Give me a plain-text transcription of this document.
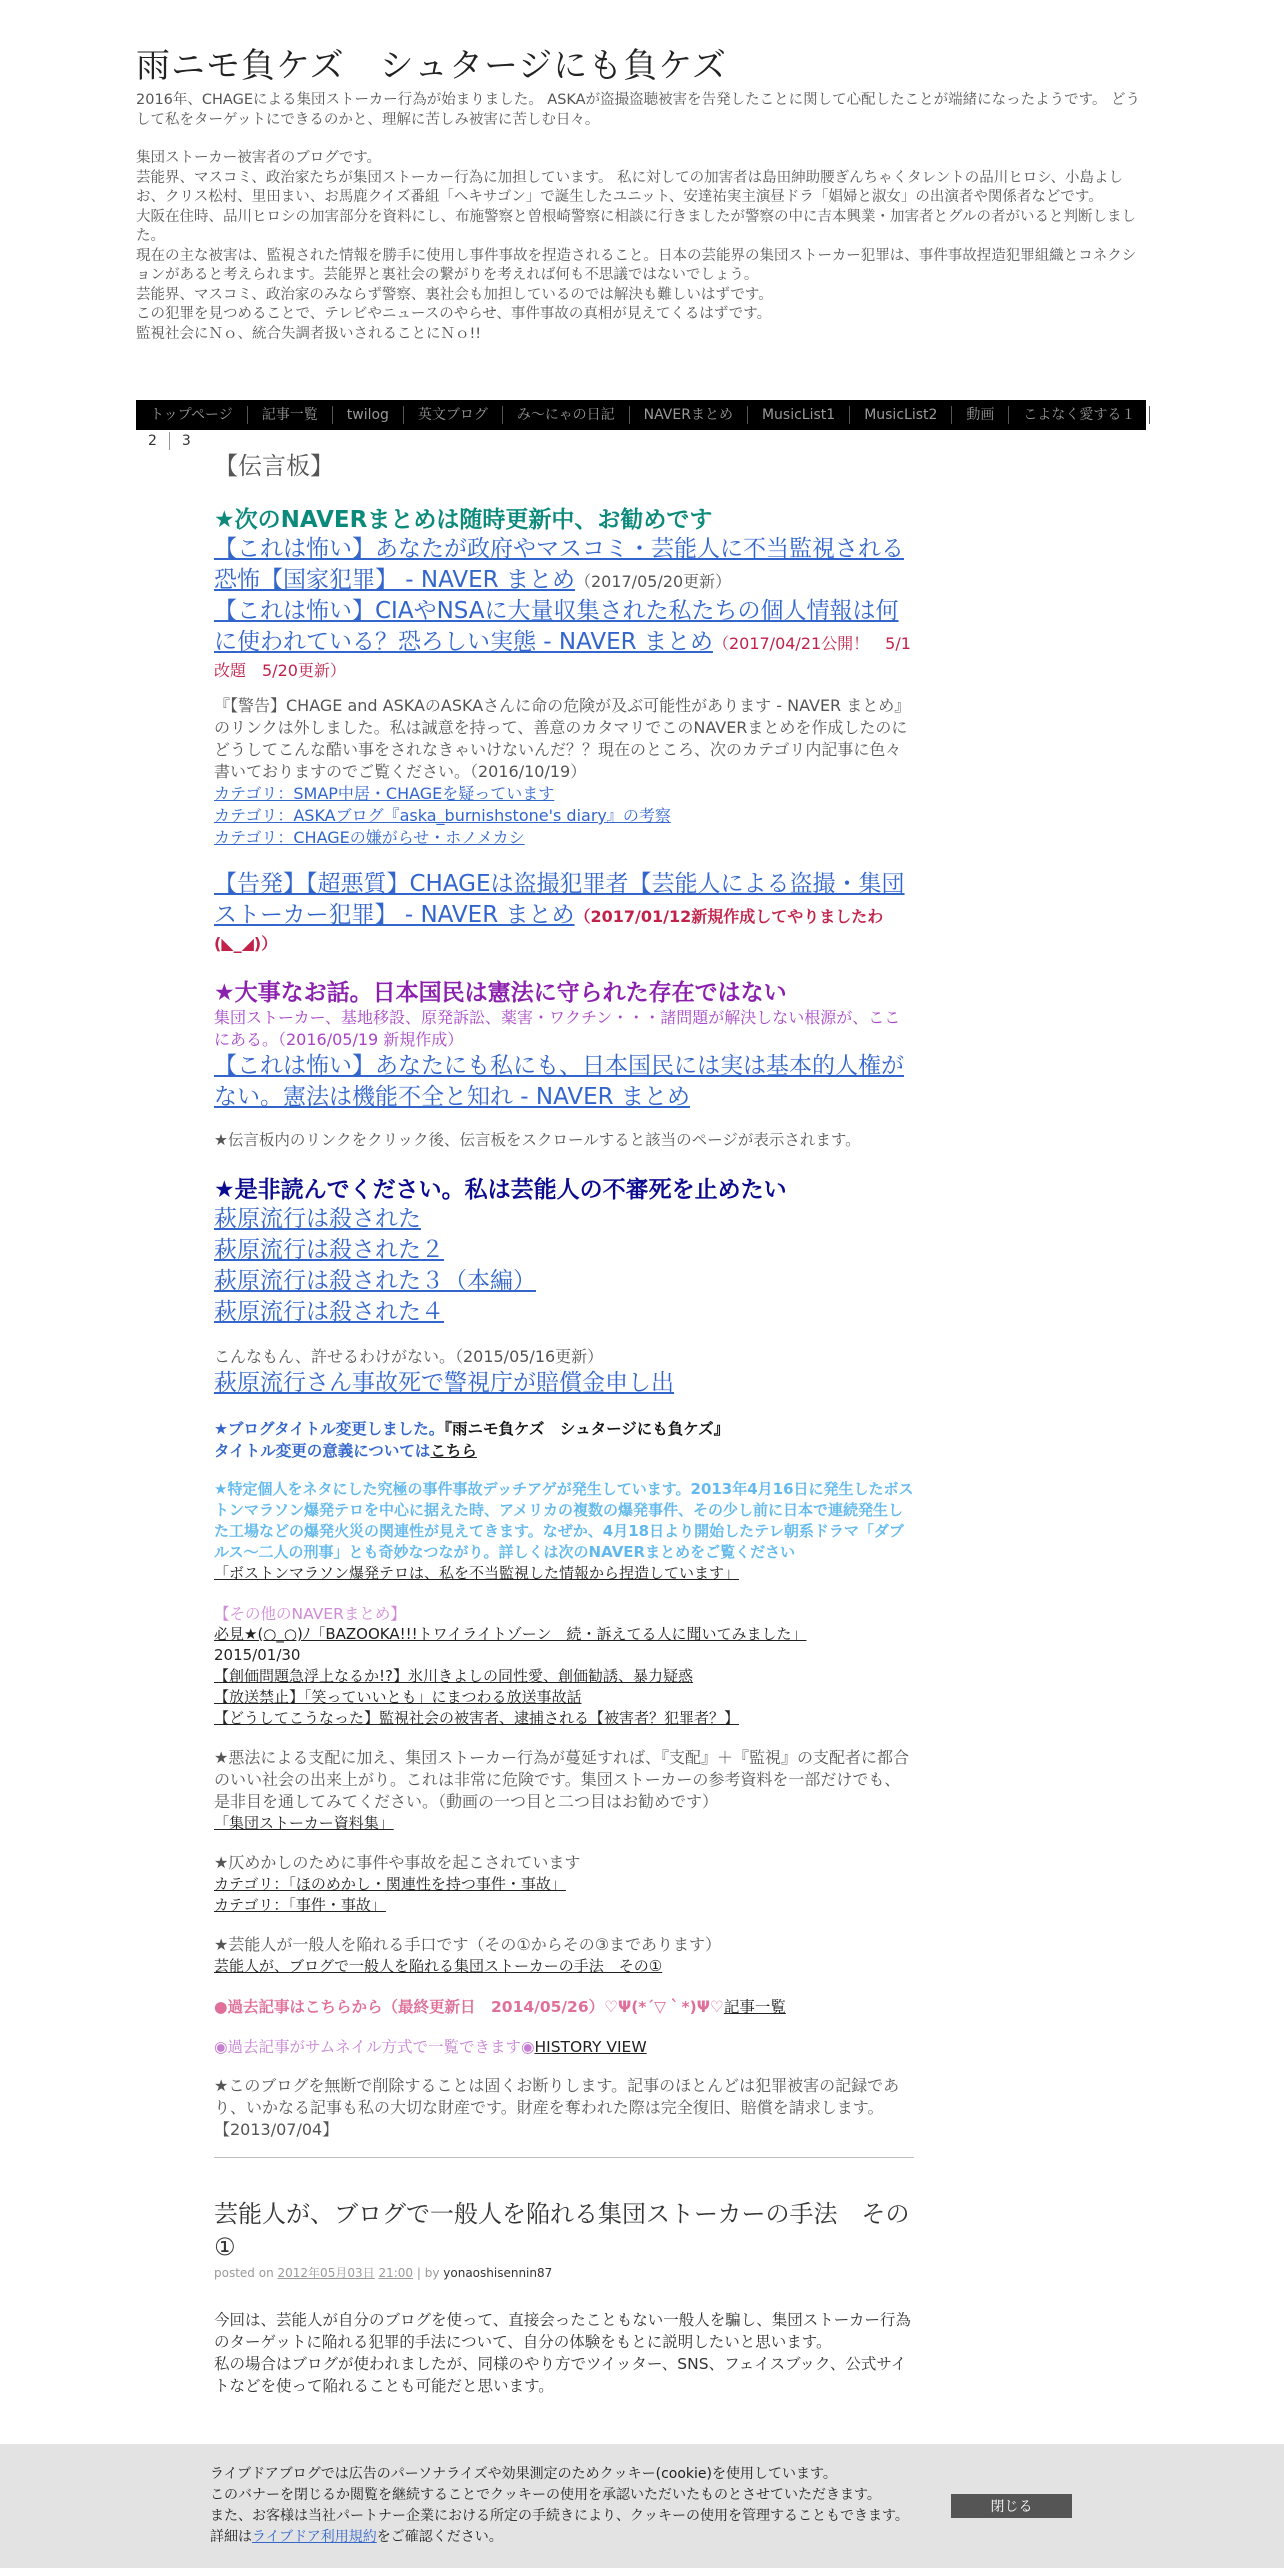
雨ニモ負ケズ　シュタージにも負ケズ

2016年、CHAGEによる集団ストーカー行為が始まりました。 ASKAが盗撮盗聴被害を告発したことに関して心配したことが端緒になったようです。 どうして私をターゲットにできるのかと、理解に苦しみ被害に苦しむ日々。

集団ストーカー被害者のブログです。

芸能界、マスコミ、政治家たちが集団ストーカー行為に加担しています。 私に対しての加害者は島田紳助腰ぎんちゃくタレントの品川ヒロシ、小島よしお、クリス松村、里田まい、お馬鹿クイズ番組「ヘキサゴン」で誕生したユニット、安達祐実主演昼ドラ「娼婦と淑女」の出演者や関係者などです。

大阪在住時、品川ヒロシの加害部分を資料にし、布施警察と曽根崎警察に相談に行きましたが警察の中に吉本興業・加害者とグルの者がいると判断しました。

現在の主な被害は、監視された情報を勝手に使用し事件事故を捏造されること。日本の芸能界の集団ストーカー犯罪は、事件事故捏造犯罪組織とコネクションがあると考えられます。芸能界と裏社会の繋がりを考えれば何も不思議ではないでしょう。

芸能界、マスコミ、政治家のみならず警察、裏社会も加担しているのでは解決も難しいはずです。

この犯罪を見つめることで、テレビやニュースのやらせ、事件事故の真相が見えてくるはずです。

監視社会にＮｏ、統合失調者扱いされることにＮｏ!!

トップページ	記事一覧	twilog	英文ブログ	み～にゃの日記	NAVERまとめ	MusicList1	MusicList2	動画	こよなく愛する１
2	3
【伝言板】
★次のNAVERまとめは随時更新中、お勧めです
【これは怖い】あなたが政府やマスコミ・芸能人に不当監視される恐怖【国家犯罪】 - NAVER まとめ（2017/05/20更新）
【これは怖い】CIAやNSAに大量収集された私たちの個人情報は何に使われている？恐ろしい実態 - NAVER まとめ（2017/04/21公開！　5/1改題　5/20更新）
『【警告】CHAGE and ASKAのASKAさんに命の危険が及ぶ可能性があります - NAVER まとめ』のリンクは外しました。私は誠意を持って、善意のカタマリでこのNAVERまとめを作成したのにどうしてこんな酷い事をされなきゃいけないんだ？？現在のところ、次のカテゴリ内記事に色々書いておりますのでご覧ください。（2016/10/19）
カテゴリ：SMAP中居・CHAGEを疑っています
カテゴリ：ASKAブログ『aska_burnishstone's diary』の考察
カテゴリ：CHAGEの嫌がらせ・ホノメカシ
【告発】【超悪質】CHAGEは盗撮犯罪者【芸能人による盗撮・集団ストーカー犯罪】 - NAVER まとめ（2017/01/12新規作成してやりましたわ(◣_◢)）
★大事なお話。日本国民は憲法に守られた存在ではない
集団ストーカー、基地移設、原発訴訟、薬害・ワクチン・・・諸問題が解決しない根源が、ここにある。（2016/05/19 新規作成）
【これは怖い】あなたにも私にも、日本国民には実は基本的人権がない。憲法は機能不全と知れ - NAVER まとめ
★伝言板内のリンクをクリック後、伝言板をスクロールすると該当のページが表示されます。
★是非読んでください。私は芸能人の不審死を止めたい
萩原流行は殺された
萩原流行は殺された２
萩原流行は殺された３（本編）
萩原流行は殺された４
こんなもん、許せるわけがない。（2015/05/16更新）
萩原流行さん事故死で警視庁が賠償金申し出
★ブログタイトル変更しました。『雨ニモ負ケズ　シュタージにも負ケズ』
タイトル変更の意義についてはこちら
★特定個人をネタにした究極の事件事故デッチアゲが発生しています。2013年4月16日に発生したボストンマラソン爆発テロを中心に据えた時、アメリカの複数の爆発事件、その少し前に日本で連続発生した工場などの爆発火災の関連性が見えてきます。なぜか、4月18日より開始したテレ朝系ドラマ「ダブルス～二人の刑事」とも奇妙なつながり。詳しくは次のNAVERまとめをご覧ください
「ボストンマラソン爆発テロは、私を不当監視した情報から捏造しています」
【その他のNAVERまとめ】
必見★(○_○)ﾉ「BAZOOKA!!!トワイライトゾーン　続・訴えてる人に聞いてみました」
2015/01/30
【創価問題急浮上なるか!?】氷川きよしの同性愛、創価勧誘、暴力疑惑
【放送禁止】「笑っていいとも」にまつわる放送事故話
【どうしてこうなった】監視社会の被害者、逮捕される【被害者？犯罪者？】
★悪法による支配に加え、集団ストーカー行為が蔓延すれば、『支配』＋『監視』の支配者に都合のいい社会の出来上がり。これは非常に危険です。集団ストーカーの参考資料を一部だけでも、是非目を通してみてください。（動画の一つ目と二つ目はお勧めです）
「集団ストーカー資料集」
★仄めかしのために事件や事故を起こされています
カテゴリ：「ほのめかし・関連性を持つ事件・事故」
カテゴリ：「事件・事故」
★芸能人が一般人を陥れる手口です（その①からその③まであります）
芸能人が、ブログで一般人を陥れる集団ストーカーの手法　その①
●過去記事はこちらから（最終更新日　2014/05/26）♡Ψ(*´▽｀*)Ψ♡記事一覧
◉過去記事がサムネイル方式で一覧できます◉HISTORY VIEW
★このブログを無断で削除することは固くお断りします。記事のほとんどは犯罪被害の記録であり、いかなる記事も私の大切な財産です。財産を奪われた際は完全復旧、賠償を請求します。【2013/07/04】
芸能人が、ブログで一般人を陥れる集団ストーカーの手法　その①
posted on 2012年05月03日 21:00 | by yonaoshisennin87
今回は、芸能人が自分のブログを使って、直接会ったこともない一般人を騙し、集団ストーカー行為のターゲットに陥れる犯罪的手法について、自分の体験をもとに説明したいと思います。
私の場合はブログが使われましたが、同様のやり方でツイッター、SNS、フェイスブック、公式サイトなどを使って陥れることも可能だと思います。
ライブドアブログでは広告のパーソナライズや効果測定のためクッキー(cookie)を使用しています。
このバナーを閉じるか閲覧を継続することでクッキーの使用を承認いただいたものとさせていただきます。
また、お客様は当社パートナー企業における所定の手続きにより、クッキーの使用を管理することもできます。
詳細はライブドア利用規約をご確認ください。
閉じる
